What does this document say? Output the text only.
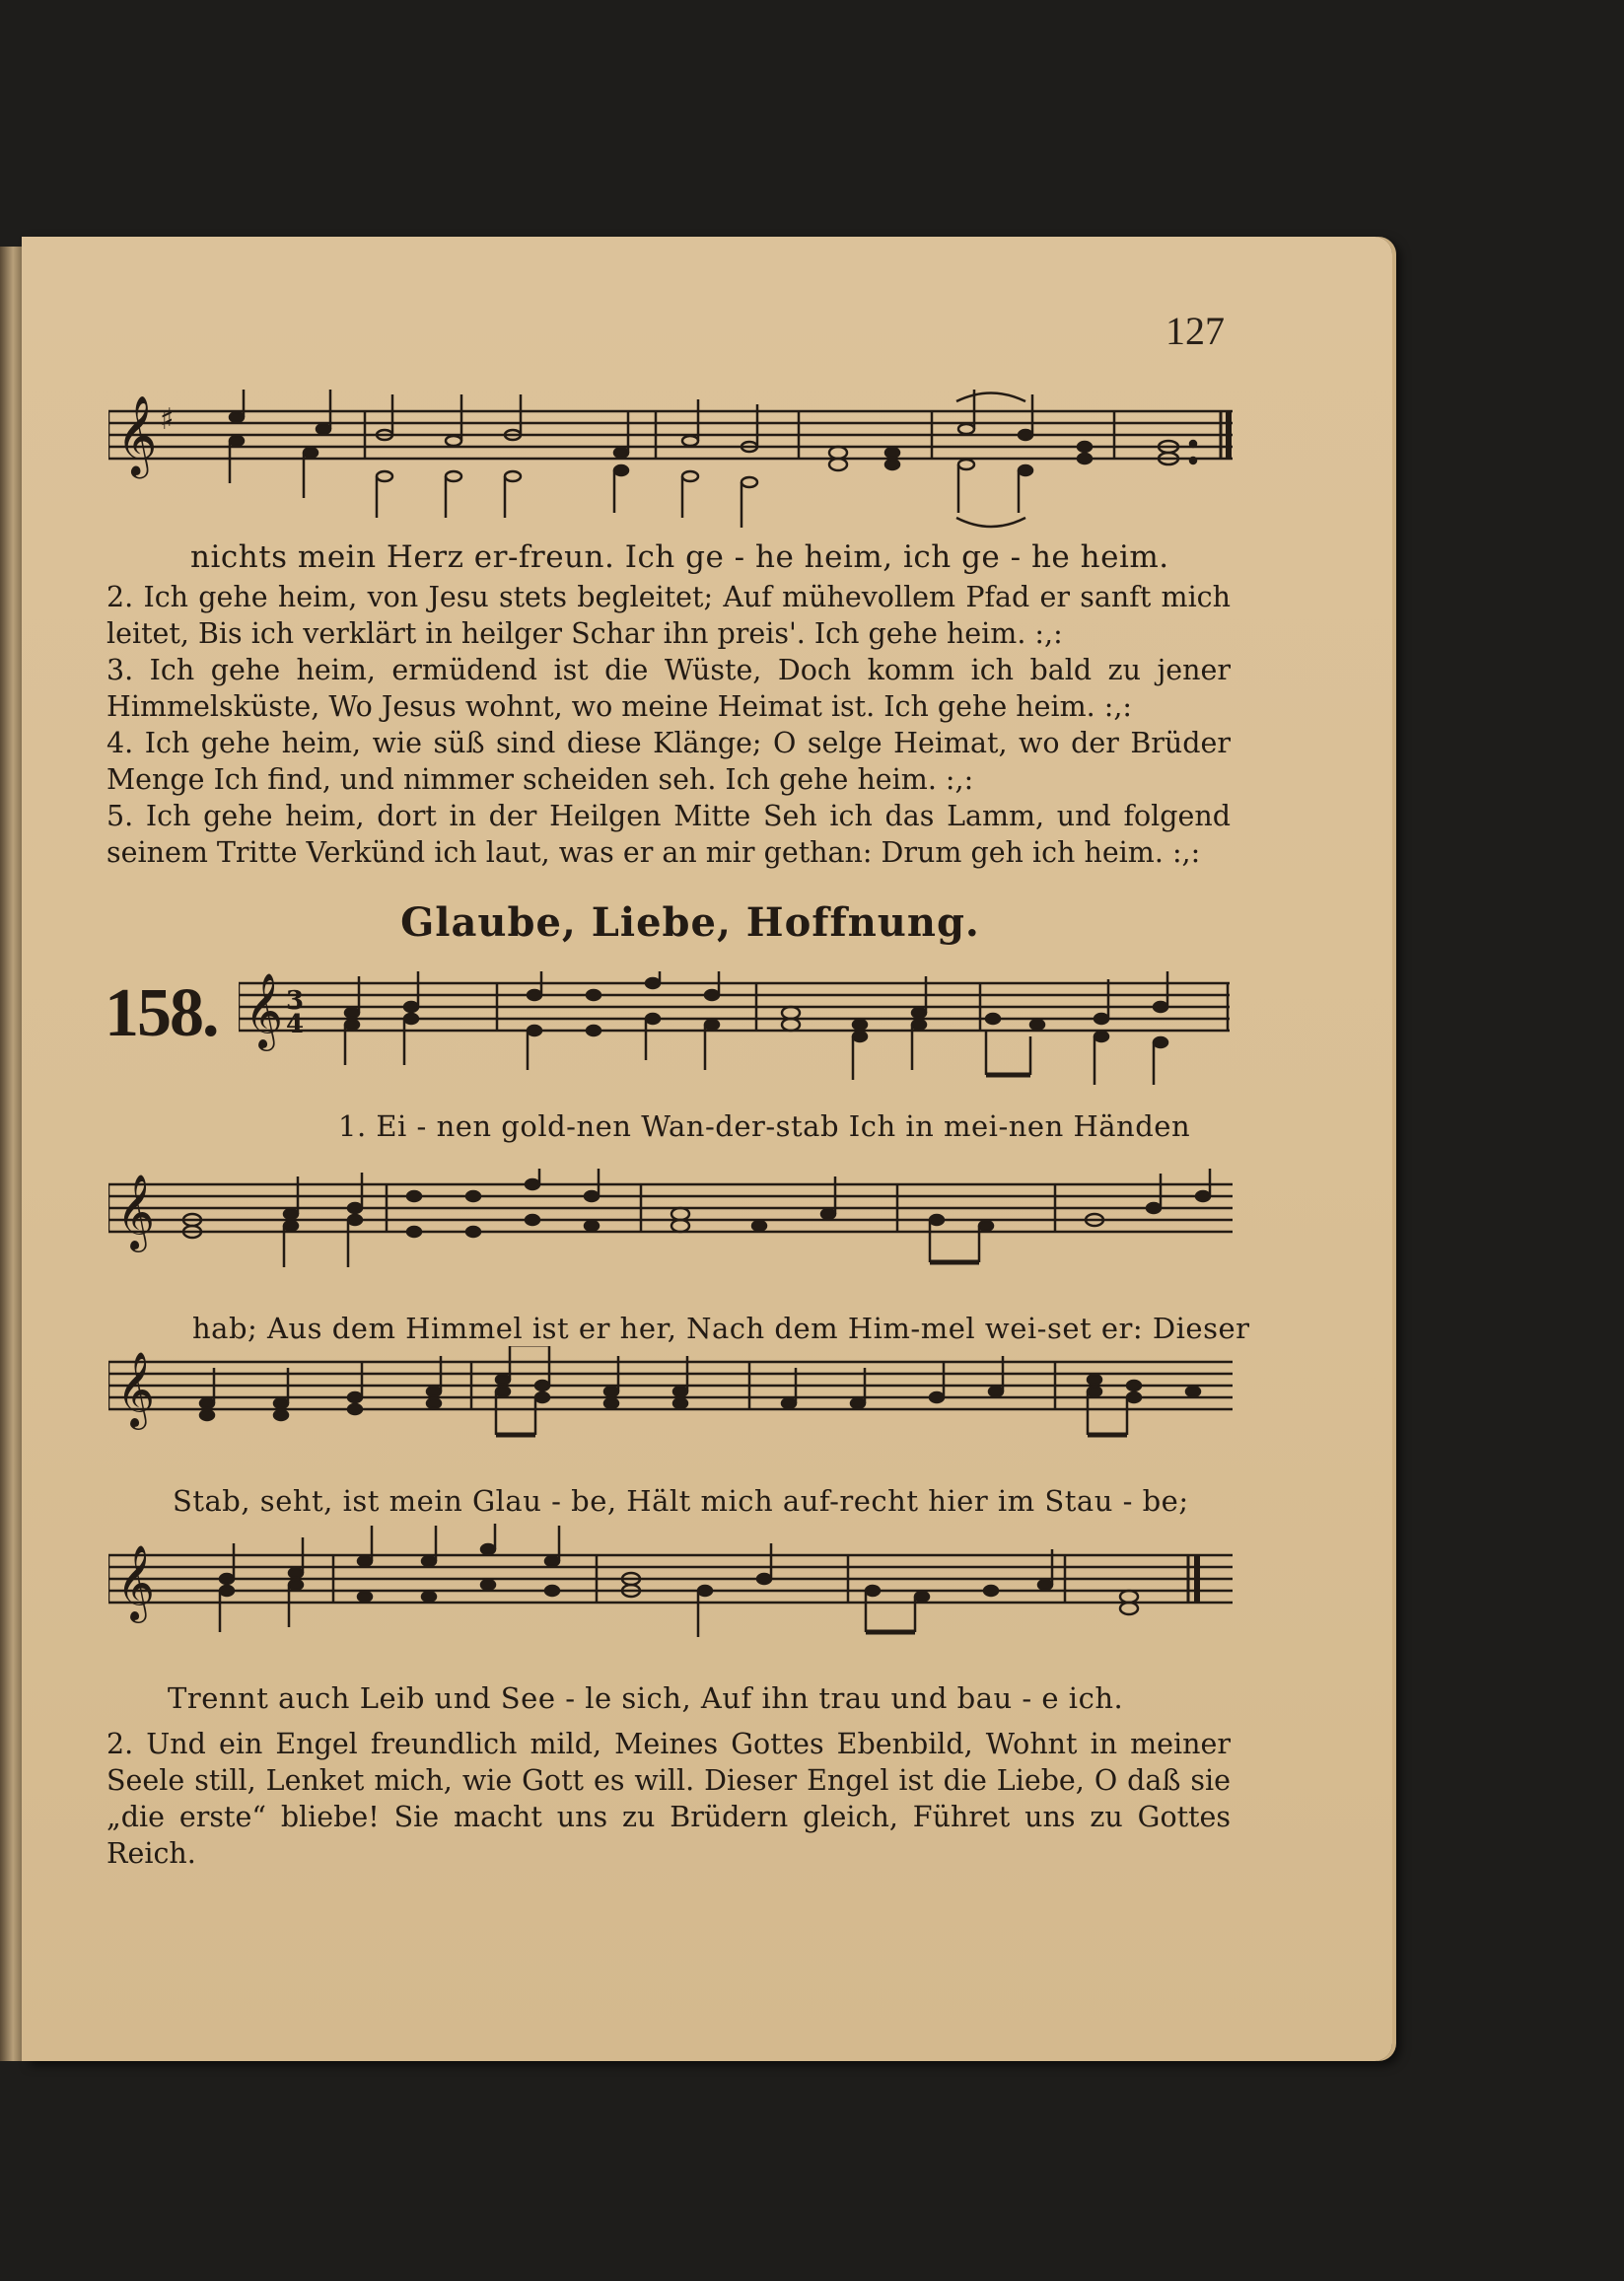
127
𝄞 ♯
nichts mein Herz er-freun. Ich ge - he heim, ich ge - he heim.

2. Ich gehe heim, von Jesu stets begleitet; Auf mühevollem Pfad er sanft mich leitet, Bis ich verklärt in heilger Schar ihn preis'. Ich gehe heim. :,:

3. Ich gehe heim, ermüdend ist die Wüste, Doch komm ich bald zu jener Himmelsküste, Wo Jesus wohnt, wo meine Heimat ist. Ich gehe heim. :,:

4. Ich gehe heim, wie süß sind diese Klänge; O selge Heimat, wo der Brüder Menge Ich find, und nimmer scheiden seh. Ich gehe heim. :,:

5. Ich gehe heim, dort in der Heilgen Mitte Seh ich das Lamm, und folgend seinem Tritte Verkünd ich laut, was er an mir gethan: Drum geh ich heim. :,:

Glaube, Liebe, Hoffnung.
158. 𝄞 3
4
1. Ei - nen gold-nen Wan-der-stab Ich in mei-nen Händen
𝄞
hab; Aus dem Himmel ist er her, Nach dem Him-mel wei-set er: Dieser
𝄞
Stab, seht, ist mein Glau - be, Hält mich auf-recht hier im Stau - be;
𝄞
Trennt auch Leib und See - le sich, Auf ihn trau und bau - e ich.
2. Und ein Engel freundlich mild, Meines Gottes Ebenbild, Wohnt in meiner Seele still, Lenket mich, wie Gott es will. Dieser Engel ist die Liebe, O daß sie „die erste“ bliebe! Sie macht uns zu Brüdern gleich, Führet uns zu Gottes Reich.
